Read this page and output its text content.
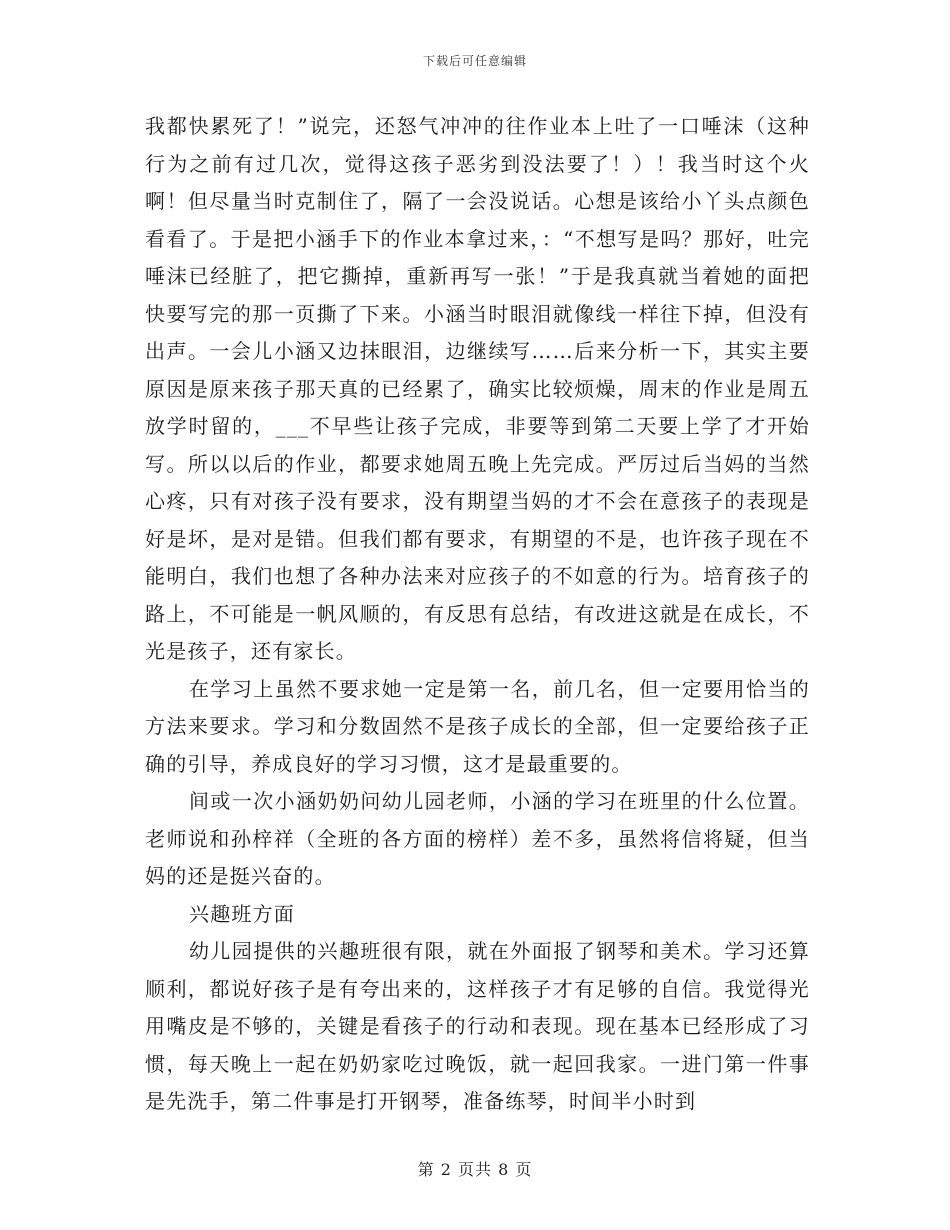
下载后可任意编辑

我都快累死了！”说完，还怒气冲冲的往作业本上吐了一口唾沫（这种行为之前有过几次，觉得这孩子恶劣到没法要了！）！我当时这个火啊！但尽量当时克制住了，隔了一会没说话。心想是该给小丫头点颜色看看了。于是把小涵手下的作业本拿过来，：“不想写是吗？那好，吐完唾沫已经脏了，把它撕掉，重新再写一张！”于是我真就当着她的面把快要写完的那一页撕了下来。小涵当时眼泪就像线一样往下掉，但没有出声。一会儿小涵又边抹眼泪，边继续写……后来分析一下，其实主要原因是原来孩子那天真的已经累了，确实比较烦燥，周末的作业是周五放学时留的，___不早些让孩子完成，非要等到第二天要上学了才开始写。所以以后的作业，都要求她周五晚上先完成。严厉过后当妈的当然心疼，只有对孩子没有要求，没有期望当妈的才不会在意孩子的表现是好是坏，是对是错。但我们都有要求，有期望的不是，也许孩子现在不能明白，我们也想了各种办法来对应孩子的不如意的行为。培育孩子的路上，不可能是一帆风顺的，有反思有总结，有改进这就是在成长，不光是孩子，还有家长。

在学习上虽然不要求她一定是第一名，前几名，但一定要用恰当的方法来要求。学习和分数固然不是孩子成长的全部，但一定要给孩子正确的引导，养成良好的学习习惯，这才是最重要的。

间或一次小涵奶奶问幼儿园老师，小涵的学习在班里的什么位置。老师说和孙梓祥（全班的各方面的榜样）差不多，虽然将信将疑，但当妈的还是挺兴奋的。

兴趣班方面

幼儿园提供的兴趣班很有限，就在外面报了钢琴和美术。学习还算顺利，都说好孩子是有夸出来的，这样孩子才有足够的自信。我觉得光用嘴皮是不够的，关键是看孩子的行动和表现。现在基本已经形成了习惯，每天晚上一起在奶奶家吃过晚饭，就一起回我家。一进门第一件事是先洗手，第二件事是打开钢琴，准备练琴，时间半小时到

第 2 页共 8 页
